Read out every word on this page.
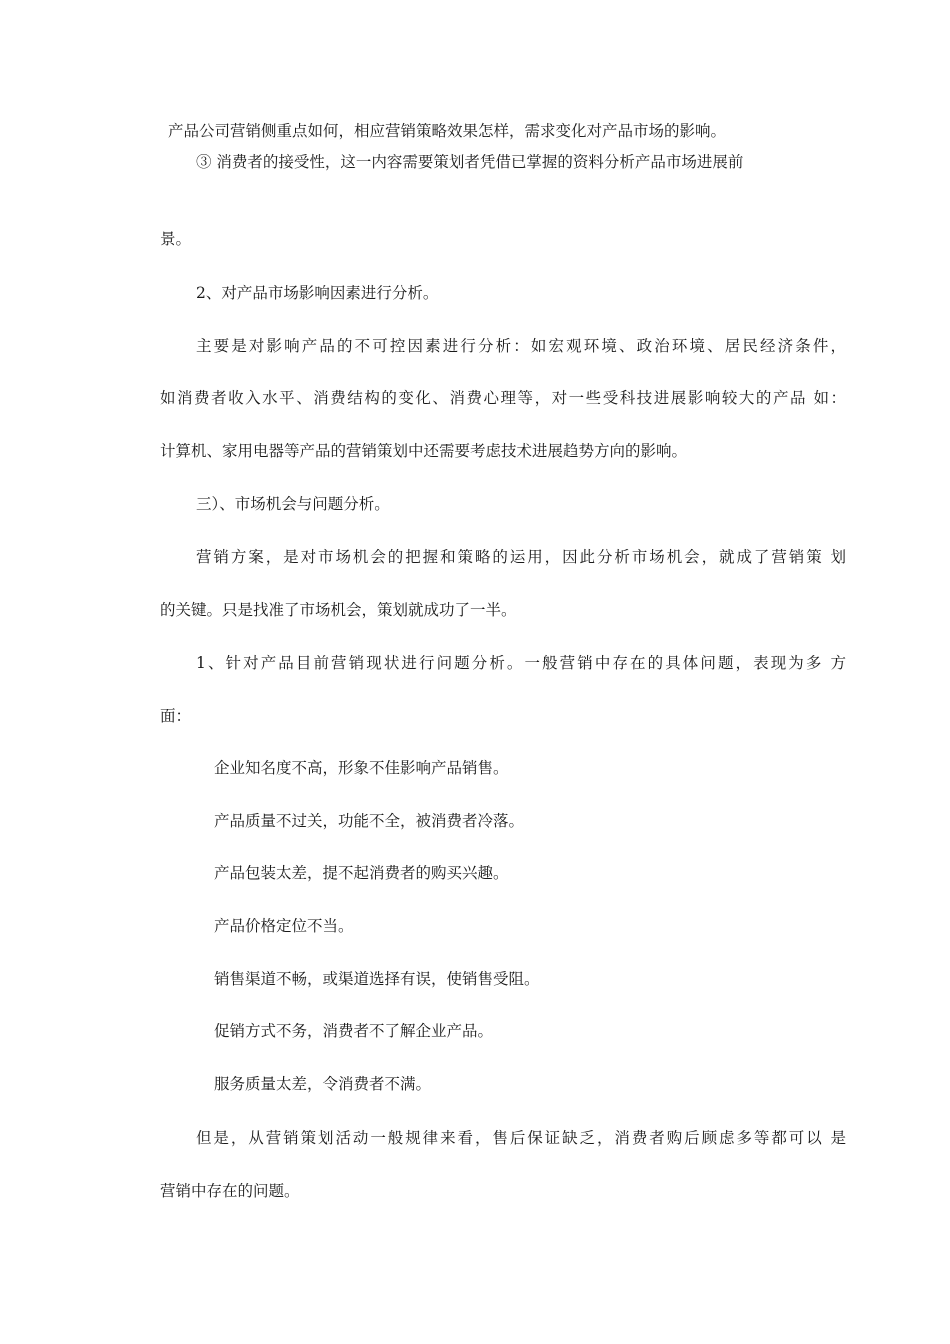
产品公司营销侧重点如何，相应营销策略效果怎样，需求变化对产品市场的影响。
③ 消费者的接受性，这一内容需要策划者凭借已掌握的资料分析产品市场进展前
景。
2、对产品市场影响因素进行分析。
主要是对影响产品的不可控因素进行分析：如宏观环境、政治环境、居民经济条件，
如消费者收入水平、消费结构的变化、消费心理等，对一些受科技进展影响较大的产品 如：
计算机、家用电器等产品的营销策划中还需要考虑技术进展趋势方向的影响。
三）、市场机会与问题分析。
营销方案，是对市场机会的把握和策略的运用，因此分析市场机会，就成了营销策 划
的关键。只是找准了市场机会，策划就成功了一半。
1、针对产品目前营销现状进行问题分析。一般营销中存在的具体问题，表现为多 方
面：
企业知名度不高，形象不佳影响产品销售。
产品质量不过关，功能不全，被消费者冷落。
产品包装太差，提不起消费者的购买兴趣。
产品价格定位不当。
销售渠道不畅，或渠道选择有误，使销售受阻。
促销方式不务，消费者不了解企业产品。
服务质量太差，令消费者不满。
但是，从营销策划活动一般规律来看，售后保证缺乏，消费者购后顾虑多等都可以 是
营销中存在的问题。
